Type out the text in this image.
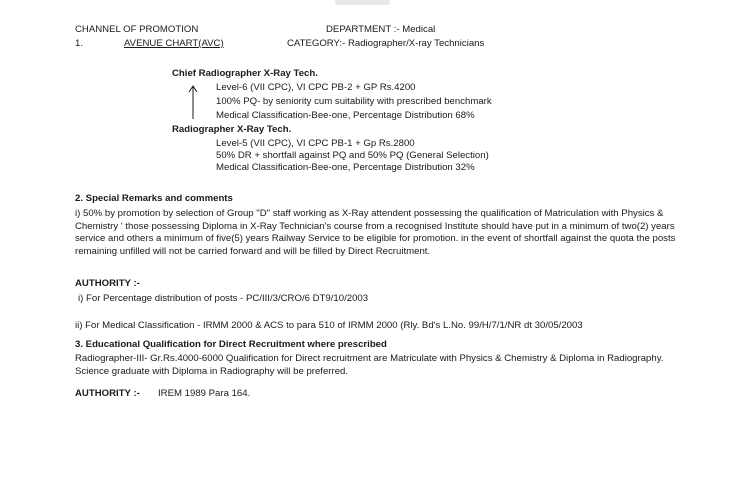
CHANNEL OF PROMOTION	DEPARTMENT :- Medical
1.	AVENUE CHART(AVC)	CATEGORY:- Radiographer/X-ray Technicians
Chief Radiographer X-Ray Tech.
Level-6 (VII CPC), VI CPC PB-2 + GP Rs.4200
100% PQ- by seniority cum suitability with prescribed benchmark
Medical Classification-Bee-one, Percentage Distribution 68%
Radiographer X-Ray Tech.
Level-5 (VII CPC), VI CPC PB-1 + Gp Rs.2800
50% DR + shortfall against PQ and 50% PQ (General Selection)
Medical Classification-Bee-one, Percentage Distribution 32%
2. Special Remarks and comments
i) 50% by promotion by selection of Group "D" staff working as X-Ray attendent possessing the qualification of Matriculation with Physics & Chemistry ' those possessing Diploma in X-Ray Technician's course from a recognised Institute should have put in a minimum of two(2) years service and others a minimum of five(5) years Railway Service to be eligible for promotion. in the event of shortfall against the quota the posts remaining unfilled will not be carried forward and will be filled by Direct Recruitment.
AUTHORITY :-
i) For Percentage distribution of posts - PC/III/3/CRO/6 DT9/10/2003
ii) For Medical Classification - IRMM 2000 & ACS to para 510 of IRMM 2000 (Rly. Bd's L.No. 99/H/7/1/NR dt 30/05/2003
3. Educational Qualification for Direct Recruitment where prescribed
Radiographer-III- Gr.Rs.4000-6000 Qualification for Direct recruitment are Matriculate with Physics & Chemistry & Diploma in Radiography. Science graduate with Diploma in Radiography will be preferred.
AUTHORITY :- IREM 1989 Para 164.
